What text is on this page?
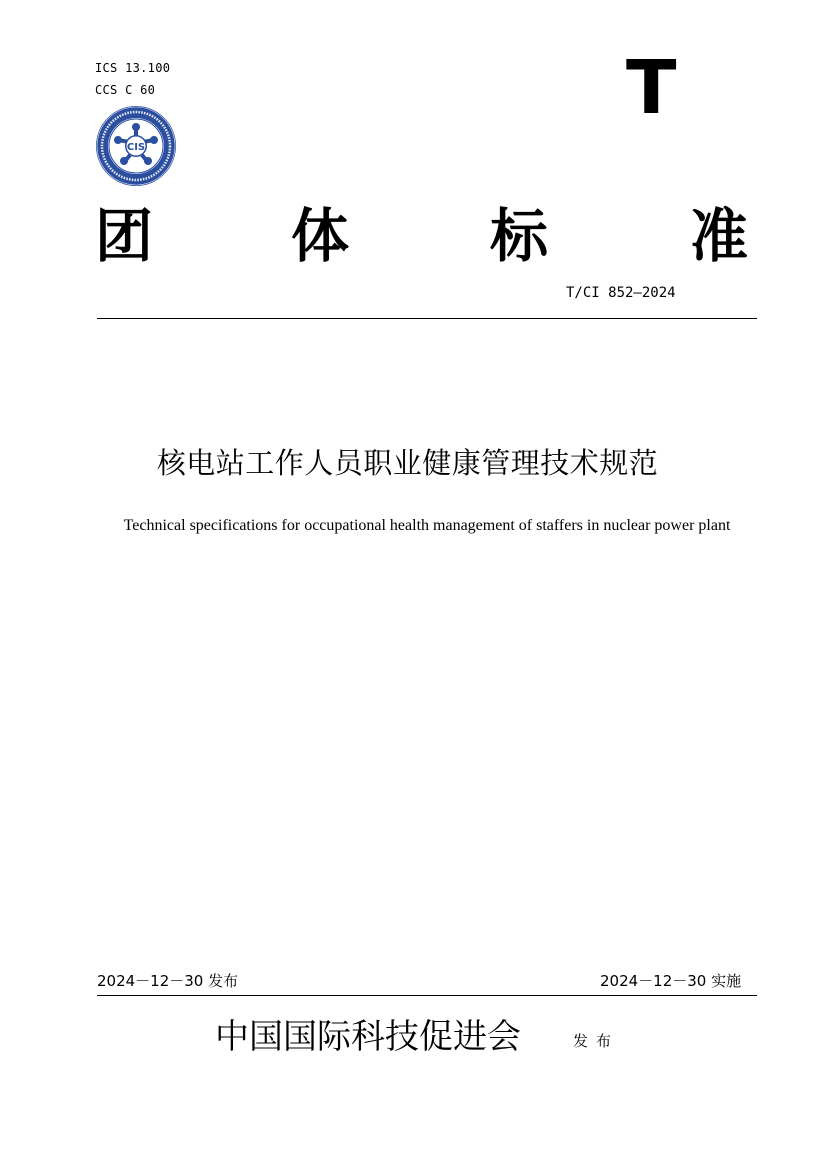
ICS 13.100
CCS C 60	T
CIS
团 体 标 准
T/CI 852—2024
核电站工作人员职业健康管理技术规范
Technical specifications for occupational health management of staffers in nuclear power plant
2024－12－30 发布	2024－12－30 实施
中国国际科技促进会	发布
